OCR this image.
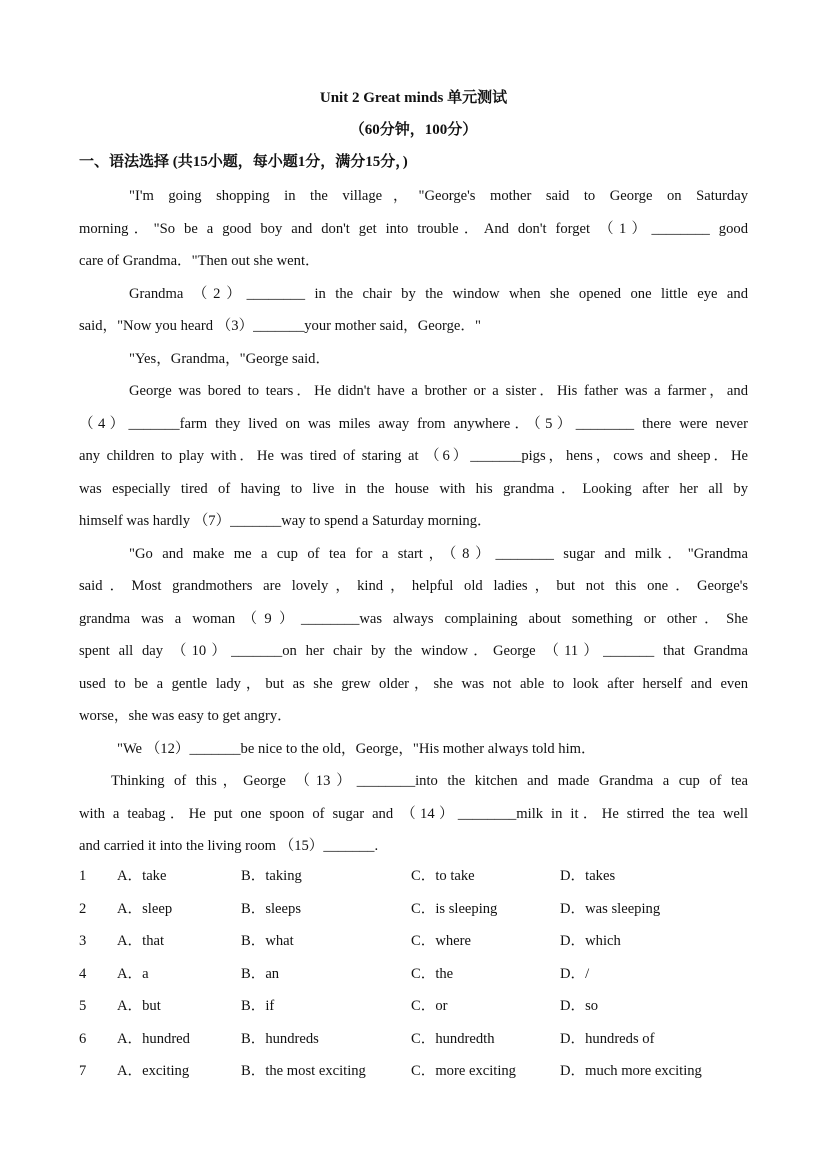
Unit 2 Great minds 单元测试
（60分钟，100分）
一、语法选择 (共15小题，每小题1分，满分15分，)
"I'm going shopping in the village，"George's mother said to George on Saturday
morning．"So be a good boy and don't get into trouble．And don't forget （1）________ good
care of Grandma．"Then out she went．
Grandma （2）________ in the chair by the window when she opened one little eye and
said，"Now you heard （3）_______your mother said，George．"
"Yes，Grandma，"George said．
George was bored to tears．He didn't have a brother or a sister．His father was a farmer，and
（4）_______farm they lived on was miles away from anywhere．（5）________ there were never
any children to play with．He was tired of staring at （6）_______pigs，hens，cows and sheep．He
was especially tired of having to live in the house with his grandma．Looking after her all by
himself was hardly （7）_______way to spend a Saturday morning．
"Go and make me a cup of tea for a start，（8）________ sugar and milk．"Grandma
said．Most grandmothers are lovely，kind，helpful old ladies，but not this one．George's
grandma was a woman（9）________was always complaining about something or other．She
spent all day （10）_______on her chair by the window．George （11）_______ that Grandma
used to be a gentle lady，but as she grew older，she was not able to look after herself and even
worse，she was easy to get angry．
"We （12）_______be nice to the old，George，"His mother always told him．
Thinking of this，George （13）________into the kitchen and made Grandma a cup of tea
with a teabag．He put one spoon of sugar and （14）________milk in it．He stirred the tea well
and carried it into the living room （15）_______.
1 A．take	B．taking	C．to take	D．takes
2 A．sleep	B．sleeps	C．is sleeping	D．was sleeping
3 A．that	B．what	C．where	D．which
4 A．a	B．an	C．the	D．/
5 A．but	B．if	C．or	D．so
6 A．hundred	B．hundreds	C．hundredth	D．hundreds of
7 A．exciting	B．the most exciting	C．more exciting	D．much more exciting
